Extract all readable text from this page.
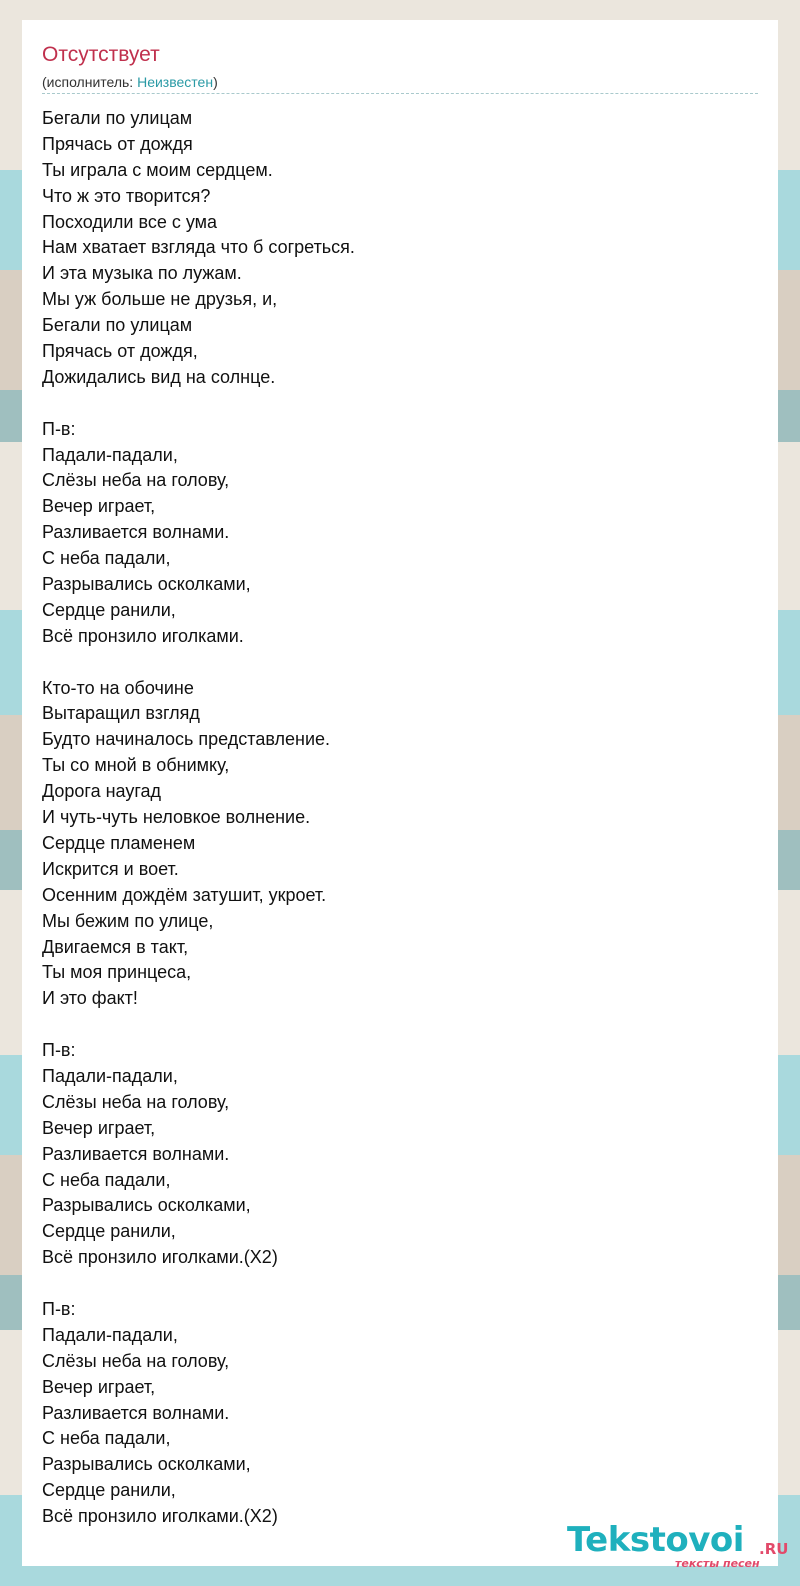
Отсутствует
(исполнитель: Неизвестен)
Бегали по улицам
Прячась от дождя
Ты играла с моим сердцем.
Что ж это творится?
Посходили все с ума
Нам хватает взгляда что б согреться.
И эта музыка по лужам.
Мы уж больше не друзья, и,
Бегали по улицам
Прячась от дождя,
Дожидались вид на солнце.
П-в:
Падали-падали,
Слёзы неба на голову,
Вечер играет,
Разливается волнами.
С неба падали,
Разрывались осколками,
Сердце ранили,
Всё пронзило иголками.
Кто-то на обочине
Вытаращил взгляд
Будто начиналось представление.
Ты со мной в обнимку,
Дорога наугад
И чуть-чуть неловкое волнение.
Сердце пламенем
Искрится и воет.
Осенним дождём затушит, укроет.
Мы бежим по улице,
Двигаемся в такт,
Ты моя принцеса,
И это факт!
П-в:
Падали-падали,
Слёзы неба на голову,
Вечер играет,
Разливается волнами.
С неба падали,
Разрывались осколками,
Сердце ранили,
Всё пронзило иголками.(Х2)
П-в:
Падали-падали,
Слёзы неба на голову,
Вечер играет,
Разливается волнами.
С неба падали,
Разрывались осколками,
Сердце ранили,
Всё пронзило иголками.(Х2)
Tekstovoi .RU
тексты песен
